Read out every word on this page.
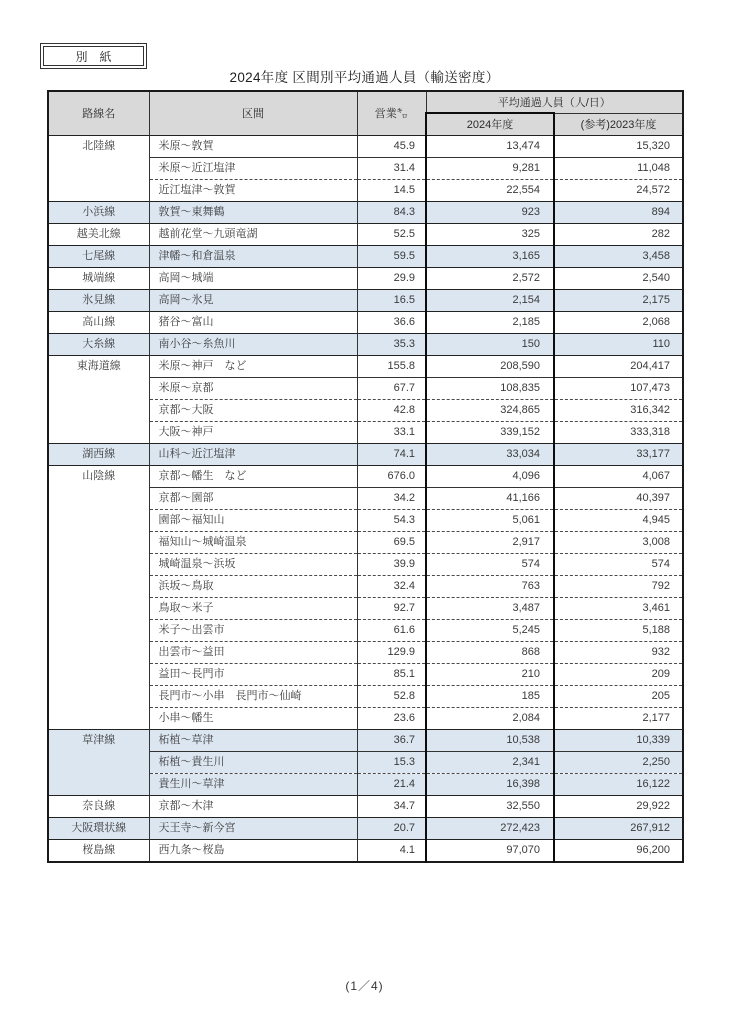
別　紙
2024年度 区間別平均通過人員（輸送密度）
路線名	区間	営業㌔	平均通過人員（人/日）	
			2024年度	(参考)2023年度
北陸線	米原～敦賀	45.9	13,474	15,320
	米原～近江塩津	31.4	9,281	11,048
	近江塩津～敦賀	14.5	22,554	24,572
小浜線	敦賀～東舞鶴	84.3	923	894
越美北線	越前花堂～九頭竜湖	52.5	325	282
七尾線	津幡～和倉温泉	59.5	3,165	3,458
城端線	高岡～城端	29.9	2,572	2,540
氷見線	高岡～氷見	16.5	2,154	2,175
高山線	猪谷～富山	36.6	2,185	2,068
大糸線	南小谷～糸魚川	35.3	150	110
東海道線	米原～神戸　など	155.8	208,590	204,417
	米原～京都	67.7	108,835	107,473
	京都～大阪	42.8	324,865	316,342
	大阪～神戸	33.1	339,152	333,318
湖西線	山科～近江塩津	74.1	33,034	33,177
山陰線	京都～幡生　など	676.0	4,096	4,067
	京都～園部	34.2	41,166	40,397
	園部～福知山	54.3	5,061	4,945
	福知山～城崎温泉	69.5	2,917	3,008
	城崎温泉～浜坂	39.9	574	574
	浜坂～鳥取	32.4	763	792
	鳥取～米子	92.7	3,487	3,461
	米子～出雲市	61.6	5,245	5,188
	出雲市～益田	129.9	868	932
	益田～長門市	85.1	210	209
	長門市～小串　長門市～仙崎	52.8	185	205
	小串～幡生	23.6	2,084	2,177
草津線	柘植～草津	36.7	10,538	10,339
	柘植～貴生川	15.3	2,341	2,250
	貴生川～草津	21.4	16,398	16,122
奈良線	京都～木津	34.7	32,550	29,922
大阪環状線	天王寺～新今宮	20.7	272,423	267,912
桜島線	西九条～桜島	4.1	97,070	96,200
(1／4)
